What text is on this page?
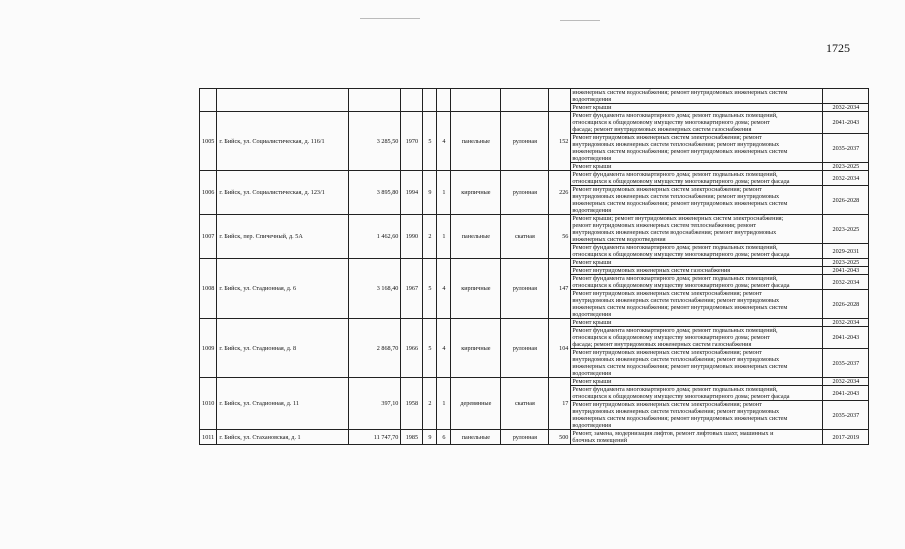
1725
									инженерных систем водоснабжения; ремонт внутридомовых инженерных систем
водоотведения	
									Ремонт крыши	2032-2034
1005	г. Бийск, ул. Социалистическая, д. 116/1	3 285,50	1970	5	4	панельные	рулонная	152	Ремонт фундамента многоквартирного дома; ремонт подвальных помещений,
относящихся к общедомовому имуществу многоквартирного дома; ремонт
фасада; ремонт внутридомовых инженерных систем газоснабжения	2041-2043
									Ремонт внутридомовых инженерных систем электроснабжения; ремонт
внутридомовых инженерных систем теплоснабжения; ремонт внутридомовых
инженерных систем водоснабжения; ремонт внутридомовых инженерных систем
водоотведения	2035-2037
									Ремонт крыши	2023-2025
1006	г. Бийск, ул. Социалистическая, д. 123/1	3 895,80	1994	9	1	кирпичные	рулонная	226	Ремонт фундамента многоквартирного дома; ремонт подвальных помещений,
относящихся к общедомовому имуществу многоквартирного дома; ремонт фасада	2032-2034
									Ремонт внутридомовых инженерных систем электроснабжения; ремонт
внутридомовых инженерных систем теплоснабжения; ремонт внутридомовых
инженерных систем водоснабжения; ремонт внутридомовых инженерных систем
водоотведения	2026-2028
1007	г. Бийск, пер. Спичечный, д. 5А	1 462,60	1990	2	1	панельные	скатная	56	Ремонт крыши; ремонт внутридомовых инженерных систем электроснабжения;
ремонт внутридомовых инженерных систем теплоснабжения; ремонт
внутридомовых инженерных систем водоснабжения; ремонт внутридомовых
инженерных систем водоотведения	2023-2025
									Ремонт фундамента многоквартирного дома; ремонт подвальных помещений,
относящихся к общедомовому имуществу многоквартирного дома; ремонт фасада	2029-2031
1008	г. Бийск, ул. Стадионная, д. 6	3 168,40	1967	5	4	кирпичные	рулонная	147	Ремонт крыши	2023-2025
									Ремонт внутридомовых инженерных систем газоснабжения	2041-2043
									Ремонт фундамента многоквартирного дома; ремонт подвальных помещений,
относящихся к общедомовому имуществу многоквартирного дома; ремонт фасада	2032-2034
									Ремонт внутридомовых инженерных систем электроснабжения; ремонт
внутридомовых инженерных систем теплоснабжения; ремонт внутридомовых
инженерных систем водоснабжения; ремонт внутридомовых инженерных систем
водоотведения	2026-2028
1009	г. Бийск, ул. Стадионная, д. 8	2 868,70	1966	5	4	кирпичные	рулонная	104	Ремонт крыши	2032-2034
									Ремонт фундамента многоквартирного дома; ремонт подвальных помещений,
относящихся к общедомовому имуществу многоквартирного дома; ремонт
фасада; ремонт внутридомовых инженерных систем газоснабжения	2041-2043
									Ремонт внутридомовых инженерных систем электроснабжения; ремонт
внутридомовых инженерных систем теплоснабжения; ремонт внутридомовых
инженерных систем водоснабжения; ремонт внутридомовых инженерных систем
водоотведения	2035-2037
1010	г. Бийск, ул. Стадионная, д. 11	397,10	1958	2	1	деревянные	скатная	17	Ремонт крыши	2032-2034
									Ремонт фундамента многоквартирного дома; ремонт подвальных помещений,
относящихся к общедомовому имуществу многоквартирного дома; ремонт фасада	2041-2043
									Ремонт внутридомовых инженерных систем электроснабжения; ремонт
внутридомовых инженерных систем теплоснабжения; ремонт внутридомовых
инженерных систем водоснабжения; ремонт внутридомовых инженерных систем
водоотведения	2035-2037
1011	г. Бийск, ул. Стахановская, д. 1	11 747,70	1985	9	6	панельные	рулонная	500	Ремонт, замена, модернизация лифтов, ремонт лифтовых шахт, машинных и
блочных помещений	2017-2019
